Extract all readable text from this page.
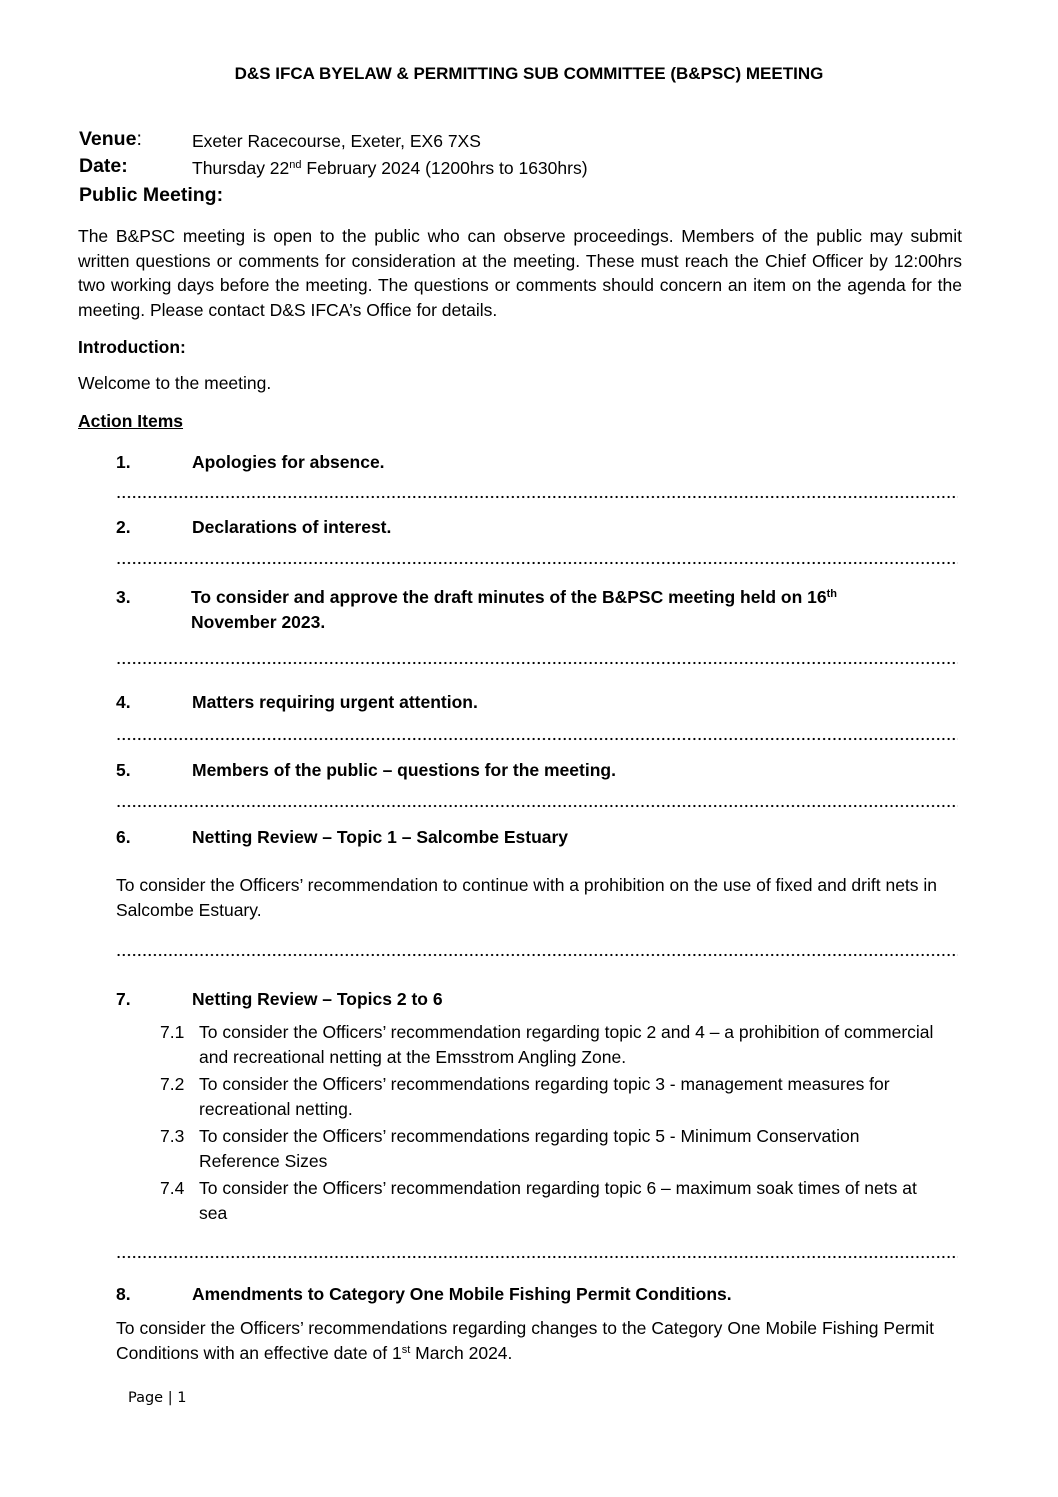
D&S IFCA BYELAW & PERMITTING SUB COMMITTEE (B&PSC) MEETING
Venue:	Exeter Racecourse, Exeter, EX6 7XS
Date:	Thursday 22nd February 2024 (1200hrs to 1630hrs)
Public Meeting:
The B&PSC meeting is open to the public who can observe proceedings. Members of the public may submit written questions or comments for consideration at the meeting. These must reach the Chief Officer by 12:00hrs two working days before the meeting. The questions or comments should concern an item on the agenda for the meeting. Please contact D&S IFCA’s Office for details.
Introduction:
Welcome to the meeting.
Action Items
1.	Apologies for absence.
2.	Declarations of interest.
3.	To consider and approve the draft minutes of the B&PSC meeting held on 16th
November 2023.
4.	Matters requiring urgent attention.
5.	Members of the public – questions for the meeting.
6.	Netting Review – Topic 1 – Salcombe Estuary
To consider the Officers’ recommendation to continue with a prohibition on the use of fixed and drift nets in Salcombe Estuary.
7.	Netting Review – Topics 2 to 6
7.1 To consider the Officers’ recommendation regarding topic 2 and 4 – a prohibition of commercial and recreational netting at the Emsstrom Angling Zone.
7.2 To consider the Officers’ recommendations regarding topic 3 - management measures for recreational netting.
7.3 To consider the Officers’ recommendations regarding topic 5 - Minimum Conservation Reference Sizes
7.4 To consider the Officers’ recommendation regarding topic 6 – maximum soak times of nets at sea
8.	Amendments to Category One Mobile Fishing Permit Conditions.
To consider the Officers’ recommendations regarding changes to the Category One Mobile Fishing Permit Conditions with an effective date of 1st March 2024.
Page | 1
